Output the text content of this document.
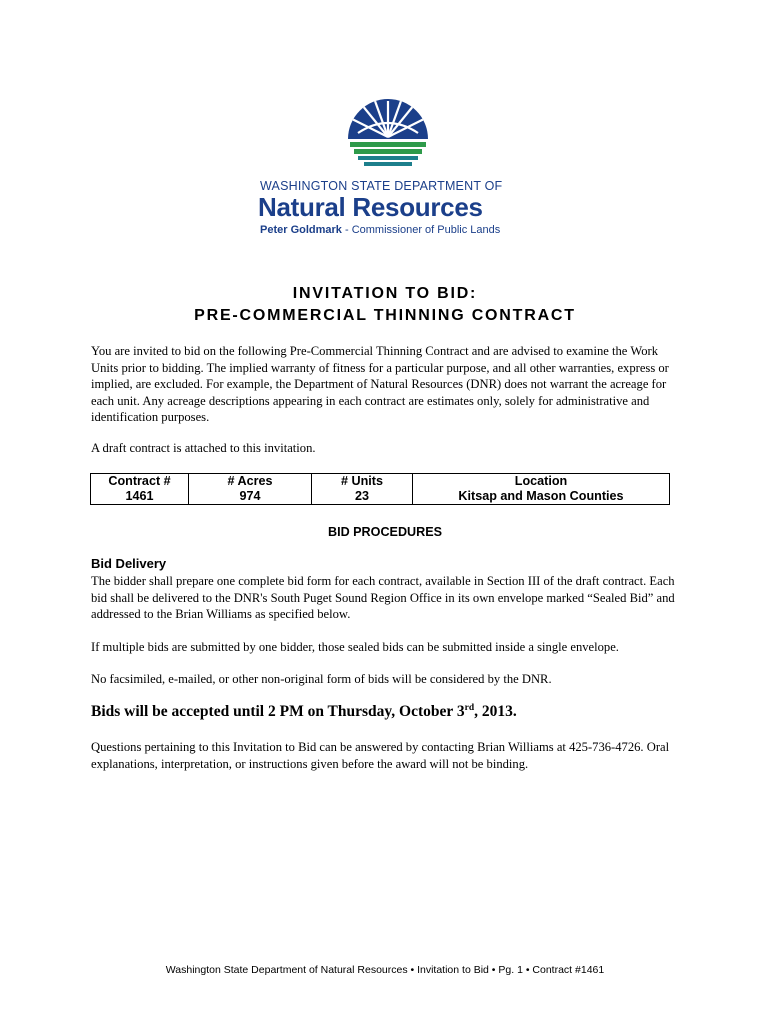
WASHINGTON STATE DEPARTMENT OF
Natural Resources
Peter Goldmark - Commissioner of Public Lands
INVITATION TO BID:
PRE-COMMERCIAL THINNING CONTRACT
You are invited to bid on the following Pre-Commercial Thinning Contract and are advised to examine the Work Units prior to bidding. The implied warranty of fitness for a particular purpose, and all other warranties, express or implied, are excluded. For example, the Department of Natural Resources (DNR) does not warrant the acreage for each unit. Any acreage descriptions appearing in each contract are estimates only, solely for administrative and identification purposes.
A draft contract is attached to this invitation.
Contract #	# Acres	# Units	Location
1461	974	23	Kitsap and Mason Counties
BID PROCEDURES
Bid Delivery
The bidder shall prepare one complete bid form for each contract, available in Section III of the draft contract. Each bid shall be delivered to the DNR's South Puget Sound Region Office in its own envelope marked “Sealed Bid” and addressed to the Brian Williams as specified below.
If multiple bids are submitted by one bidder, those sealed bids can be submitted inside a single envelope.
No facsimiled, e-mailed, or other non-original form of bids will be considered by the DNR.
Bids will be accepted until 2 PM on Thursday, October 3rd, 2013.
Questions pertaining to this Invitation to Bid can be answered by contacting Brian Williams at 425-736-4726. Oral explanations, interpretation, or instructions given before the award will not be binding.
Washington State Department of Natural Resources • Invitation to Bid • Pg. 1 • Contract #1461
